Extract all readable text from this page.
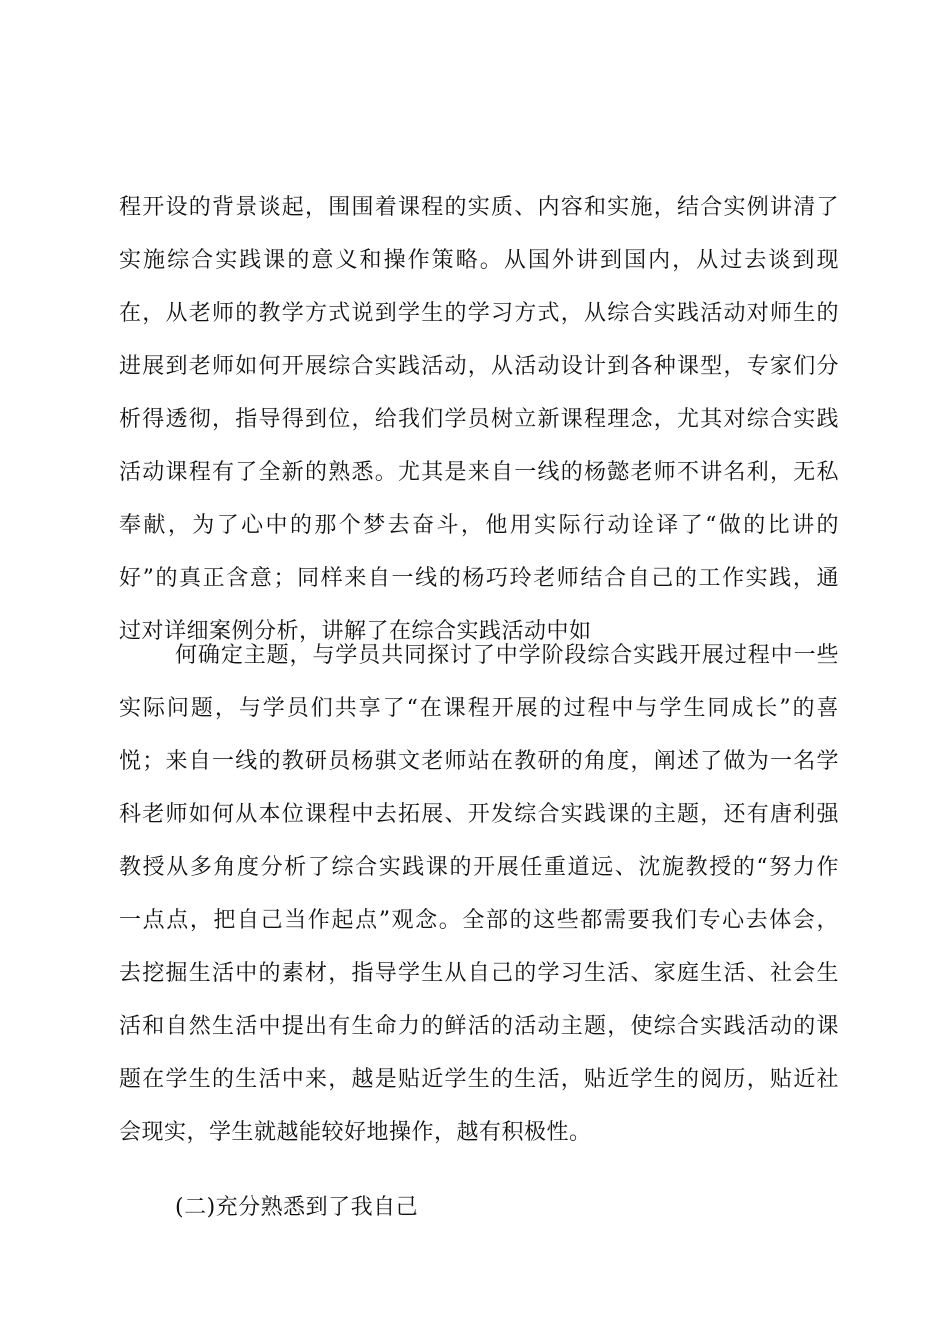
程开设的背景谈起，围围着课程的实质、内容和实施，结合实例讲清了
实施综合实践课的意义和操作策略。从国外讲到国内，从过去谈到现
在，从老师的教学方式说到学生的学习方式，从综合实践活动对师生的
进展到老师如何开展综合实践活动，从活动设计到各种课型，专家们分
析得透彻，指导得到位，给我们学员树立新课程理念，尤其对综合实践
活动课程有了全新的熟悉。尤其是来自一线的杨懿老师不讲名利，无私
奉献，为了心中的那个梦去奋斗，他用实际行动诠译了“做的比讲的
好”的真正含意；同样来自一线的杨巧玲老师结合自己的工作实践，通
过对详细案例分析，讲解了在综合实践活动中如
何确定主题，与学员共同探讨了中学阶段综合实践开展过程中一些
实际问题，与学员们共享了“在课程开展的过程中与学生同成长”的喜
悦；来自一线的教研员杨骐文老师站在教研的角度，阐述了做为一名学
科老师如何从本位课程中去拓展、开发综合实践课的主题，还有唐利强
教授从多角度分析了综合实践课的开展任重道远、沈旎教授的“努力作
一点点，把自己当作起点”观念。全部的这些都需要我们专心去体会，
去挖掘生活中的素材，指导学生从自己的学习生活、家庭生活、社会生
活和自然生活中提出有生命力的鲜活的活动主题，使综合实践活动的课
题在学生的生活中来，越是贴近学生的生活，贴近学生的阅历，贴近社
会现实，学生就越能较好地操作，越有积极性。
(二)充分熟悉到了我自己
